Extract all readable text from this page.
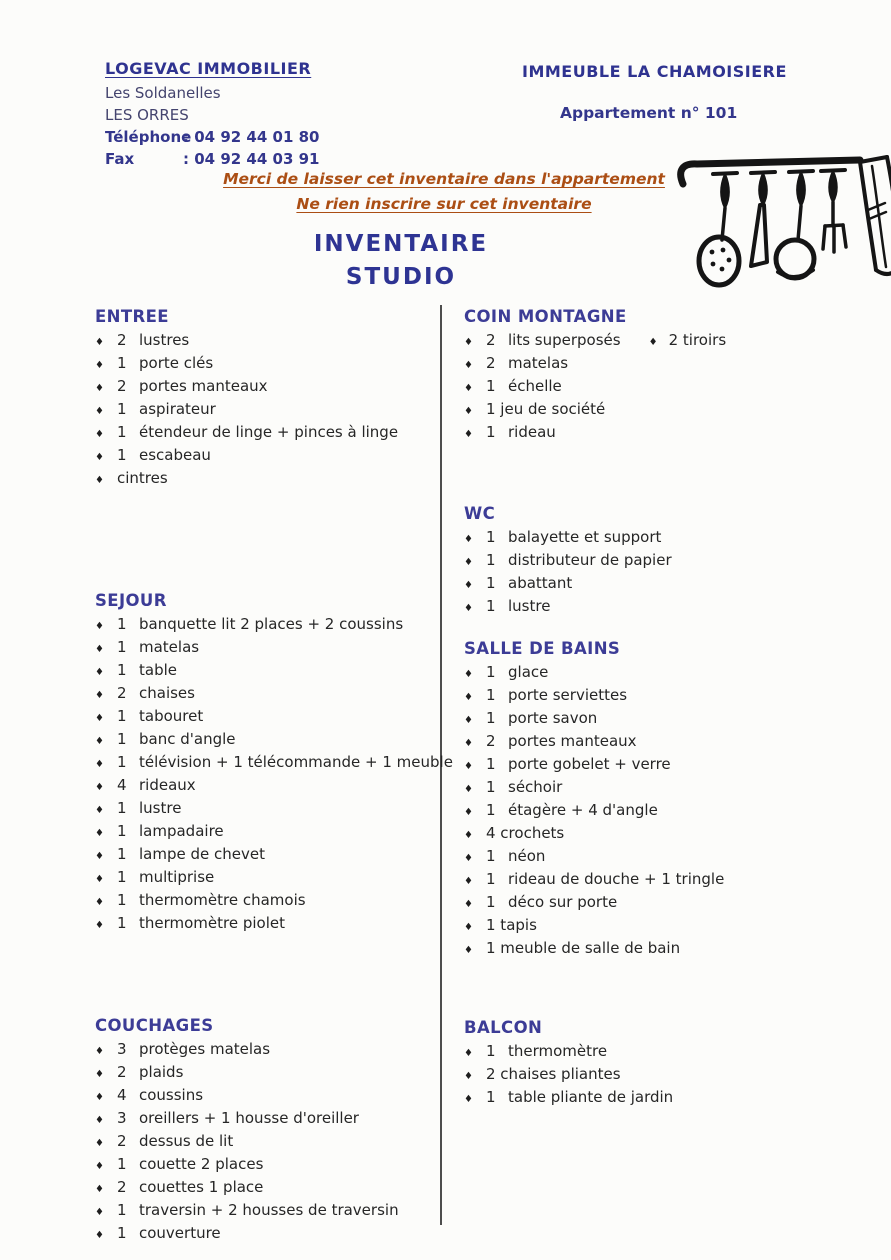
LOGEVAC IMMOBILIER
Les Soldanelles
LES ORRES
Téléphone
: 04 92 44 01 80
Fax	: 04 92 44 03 91
IMMEUBLE LA CHAMOISIERE
Appartement n° 101
Merci de laisser cet inventaire dans l'appartement
Ne rien inscrire sur cet inventaire
INVENTAIRE
STUDIO
ENTREE
♦ 2 lustres
♦ 1 porte clés
♦ 2 portes manteaux
♦ 1 aspirateur
♦ 1 étendeur de linge + pinces à linge
♦ 1 escabeau
♦ cintres
SEJOUR
♦ 1 banquette lit 2 places + 2 coussins
♦ 1 matelas
♦ 1 table
♦ 2 chaises
♦ 1 tabouret
♦ 1 banc d'angle
♦ 1 télévision + 1 télécommande + 1 meuble
♦ 4 rideaux
♦ 1 lustre
♦ 1 lampadaire
♦ 1 lampe de chevet
♦ 1 multiprise
♦ 1 thermomètre chamois
♦ 1 thermomètre piolet
COUCHAGES
♦ 3 protèges matelas
♦ 2 plaids
♦ 4 coussins
♦ 3 oreillers + 1 housse d'oreiller
♦ 2 dessus de lit
♦ 1 couette 2 places
♦ 2 couettes 1 place
♦ 1 traversin + 2 housses de traversin
♦ 1 couverture
COIN MONTAGNE
♦ 2 lits superposés	♦ 2 tiroirs
♦ 2 matelas
♦ 1 échelle
♦ 1 jeu de société
♦ 1 rideau
WC
♦ 1 balayette et support
♦ 1 distributeur de papier
♦ 1 abattant
♦ 1 lustre
SALLE DE BAINS
♦ 1 glace
♦ 1 porte serviettes
♦ 1 porte savon
♦ 2 portes manteaux
♦ 1 porte gobelet + verre
♦ 1 séchoir
♦ 1 étagère + 4 d'angle
♦ 4 crochets
♦ 1 néon
♦ 1 rideau de douche + 1 tringle
♦ 1 déco sur porte
♦ 1 tapis
♦ 1 meuble de salle de bain
BALCON
♦ 1 thermomètre
♦ 2 chaises pliantes
♦ 1 table pliante de jardin
